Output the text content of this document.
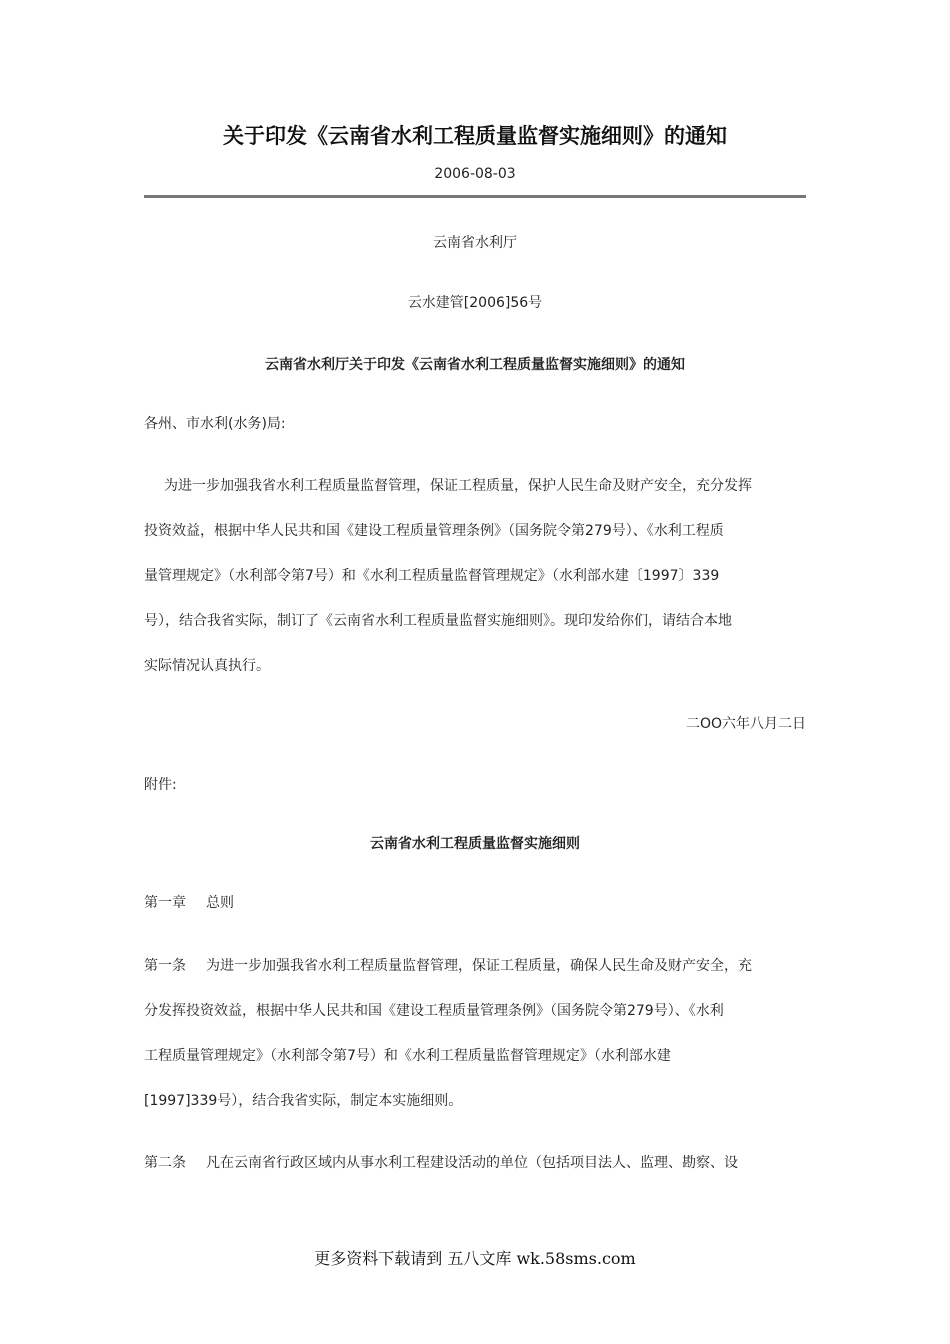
关于印发《云南省水利工程质量监督实施细则》的通知
2006-08-03
云南省水利厅
云水建管[2006]56号
云南省水利厅关于印发《云南省水利工程质量监督实施细则》的通知
各州、市水利(水务)局:
为进一步加强我省水利工程质量监督管理，保证工程质量，保护人民生命及财产安全，充分发挥
投资效益，根据中华人民共和国《建设工程质量管理条例》（国务院令第279号）、《水利工程质
量管理规定》（水利部令第7号）和《水利工程质量监督管理规定》（水利部水建〔1997〕339
号），结合我省实际，制订了《云南省水利工程质量监督实施细则》。现印发给你们，请结合本地
实际情况认真执行。
二OO六年八月二日
附件:
云南省水利工程质量监督实施细则
第一章 总则
第一条 为进一步加强我省水利工程质量监督管理，保证工程质量，确保人民生命及财产安全，充
分发挥投资效益，根据中华人民共和国《建设工程质量管理条例》（国务院令第279号）、《水利
工程质量管理规定》（水利部令第7号）和《水利工程质量监督管理规定》（水利部水建
[1997]339号），结合我省实际，制定本实施细则。
第二条 凡在云南省行政区域内从事水利工程建设活动的单位（包括项目法人、监理、勘察、设
更多资料下载请到 五八文库 wk.58sms.com
